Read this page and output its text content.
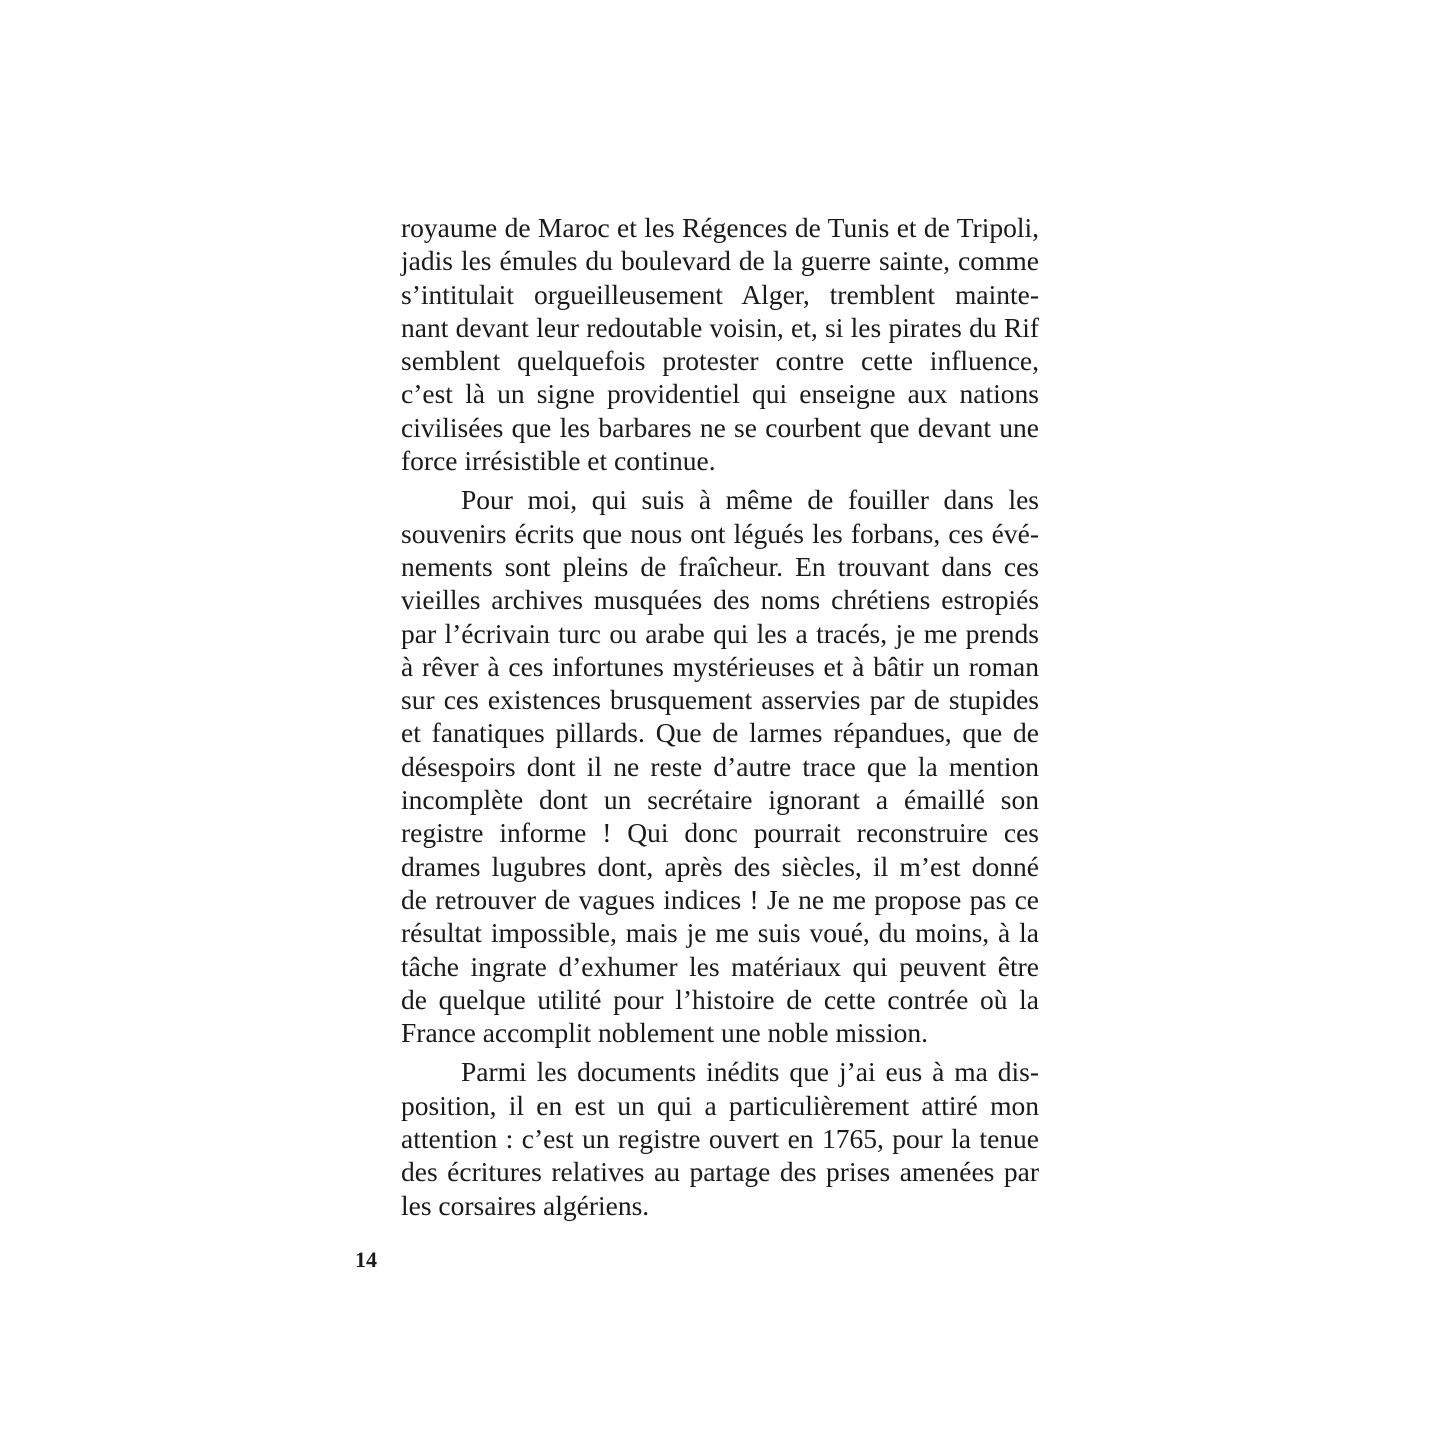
royaume de Maroc et les Régences de Tunis et de Tripoli,
jadis les émules du boulevard de la guerre sainte, comme
s’intitulait orgueilleusement Alger, tremblent mainte-
nant devant leur redoutable voisin, et, si les pirates du Rif
semblent quelquefois protester contre cette influence,
c’est là un signe providentiel qui enseigne aux nations
civilisées que les barbares ne se courbent que devant une
force irrésistible et continue.
Pour moi, qui suis à même de fouiller dans les
souvenirs écrits que nous ont légués les forbans, ces évé-
nements sont pleins de fraîcheur. En trouvant dans ces
vieilles archives musquées des noms chrétiens estropiés
par l’écrivain turc ou arabe qui les a tracés, je me prends
à rêver à ces infortunes mystérieuses et à bâtir un roman
sur ces existences brusquement asservies par de stupides
et fanatiques pillards. Que de larmes répandues, que de
désespoirs dont il ne reste d’autre trace que la mention
incomplète dont un secrétaire ignorant a émaillé son
registre informe ! Qui donc pourrait reconstruire ces
drames lugubres dont, après des siècles, il m’est donné
de retrouver de vagues indices ! Je ne me propose pas ce
résultat impossible, mais je me suis voué, du moins, à la
tâche ingrate d’exhumer les matériaux qui peuvent être
de quelque utilité pour l’histoire de cette contrée où la
France accomplit noblement une noble mission.
Parmi les documents inédits que j’ai eus à ma dis-
position, il en est un qui a particulièrement attiré mon
attention : c’est un registre ouvert en 1765, pour la tenue
des écritures relatives au partage des prises amenées par
les corsaires algériens.
14
